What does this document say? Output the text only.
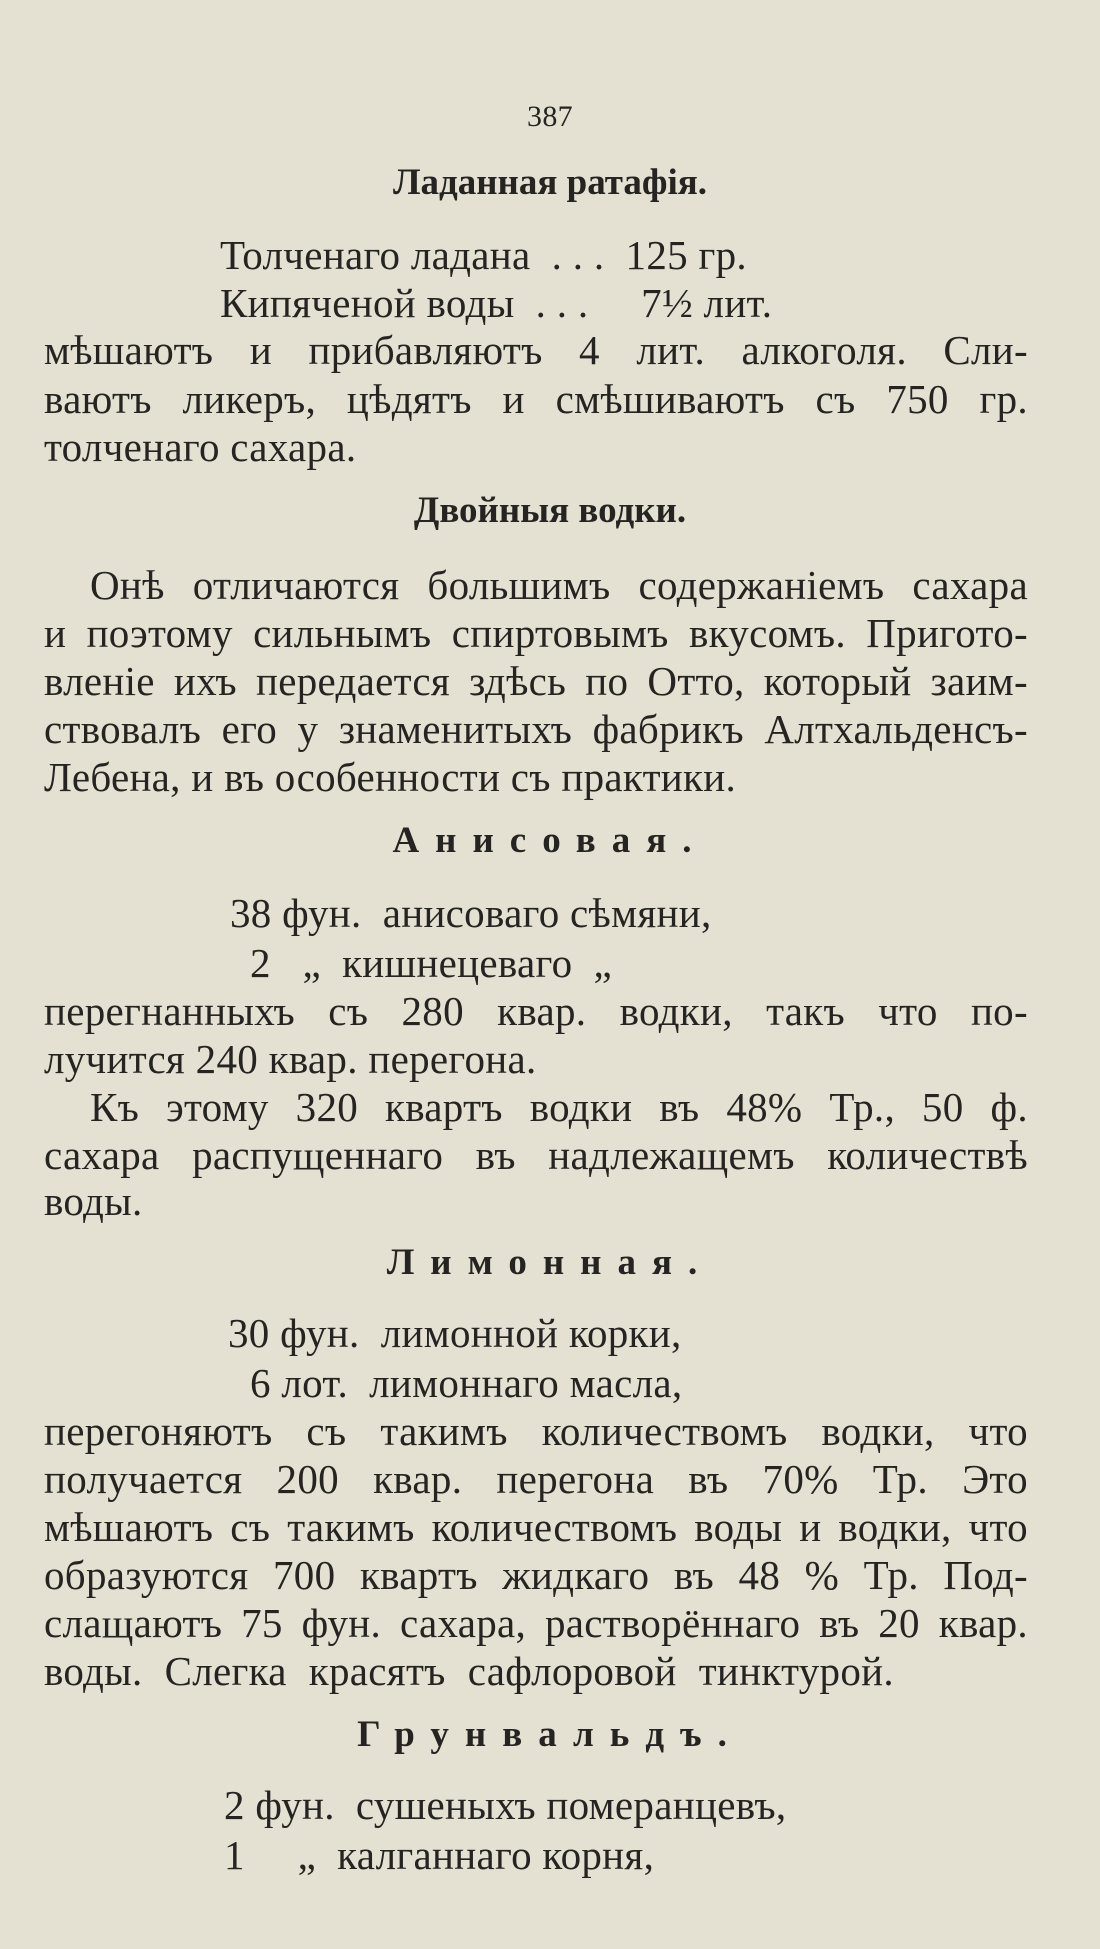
387
Ладанная ратафія.
Толченаго ладана . . . 125 гр.
Кипяченой воды . . . 7½ лит.
мѣшаютъ и прибавляютъ 4 лит. алкоголя. Сли-
ваютъ ликеръ, цѣдятъ и смѣшиваютъ съ 750 гр.
толченаго сахара.
Двойныя водки.
Онѣ отличаются большимъ содержаніемъ сахара
и поэтому сильнымъ спиртовымъ вкусомъ. Пригото-
вленіе ихъ передается здѣсь по Отто, который заим-
ствовалъ его у знаменитыхъ фабрикъ Алтхальденсъ-
Лебена, и въ особенности съ практики.
Анисовая.
38 фун. анисоваго сѣмяни,
2 „ кишнецеваго „
перегнанныхъ съ 280 квар. водки, такъ что по-
лучится 240 квар. перегона.
Къ этому 320 квартъ водки въ 48% Тр., 50 ф.
сахара распущеннаго въ надлежащемъ количествѣ
воды.
Лимонная.
30 фун. лимонной корки,
6 лот. лимоннаго масла,
перегоняютъ съ такимъ количествомъ водки, что
получается 200 квар. перегона въ 70% Тр. Это
мѣшаютъ съ такимъ количествомъ воды и водки, что
образуются 700 квартъ жидкаго въ 48 % Тр. Под-
слащаютъ 75 фун. сахара, растворённаго въ 20 квар.
воды. Слегка красятъ сафлоровой тинктурой.
Грунвальдъ.
2 фун. сушеныхъ померанцевъ,
1 „ калганнаго корня,
